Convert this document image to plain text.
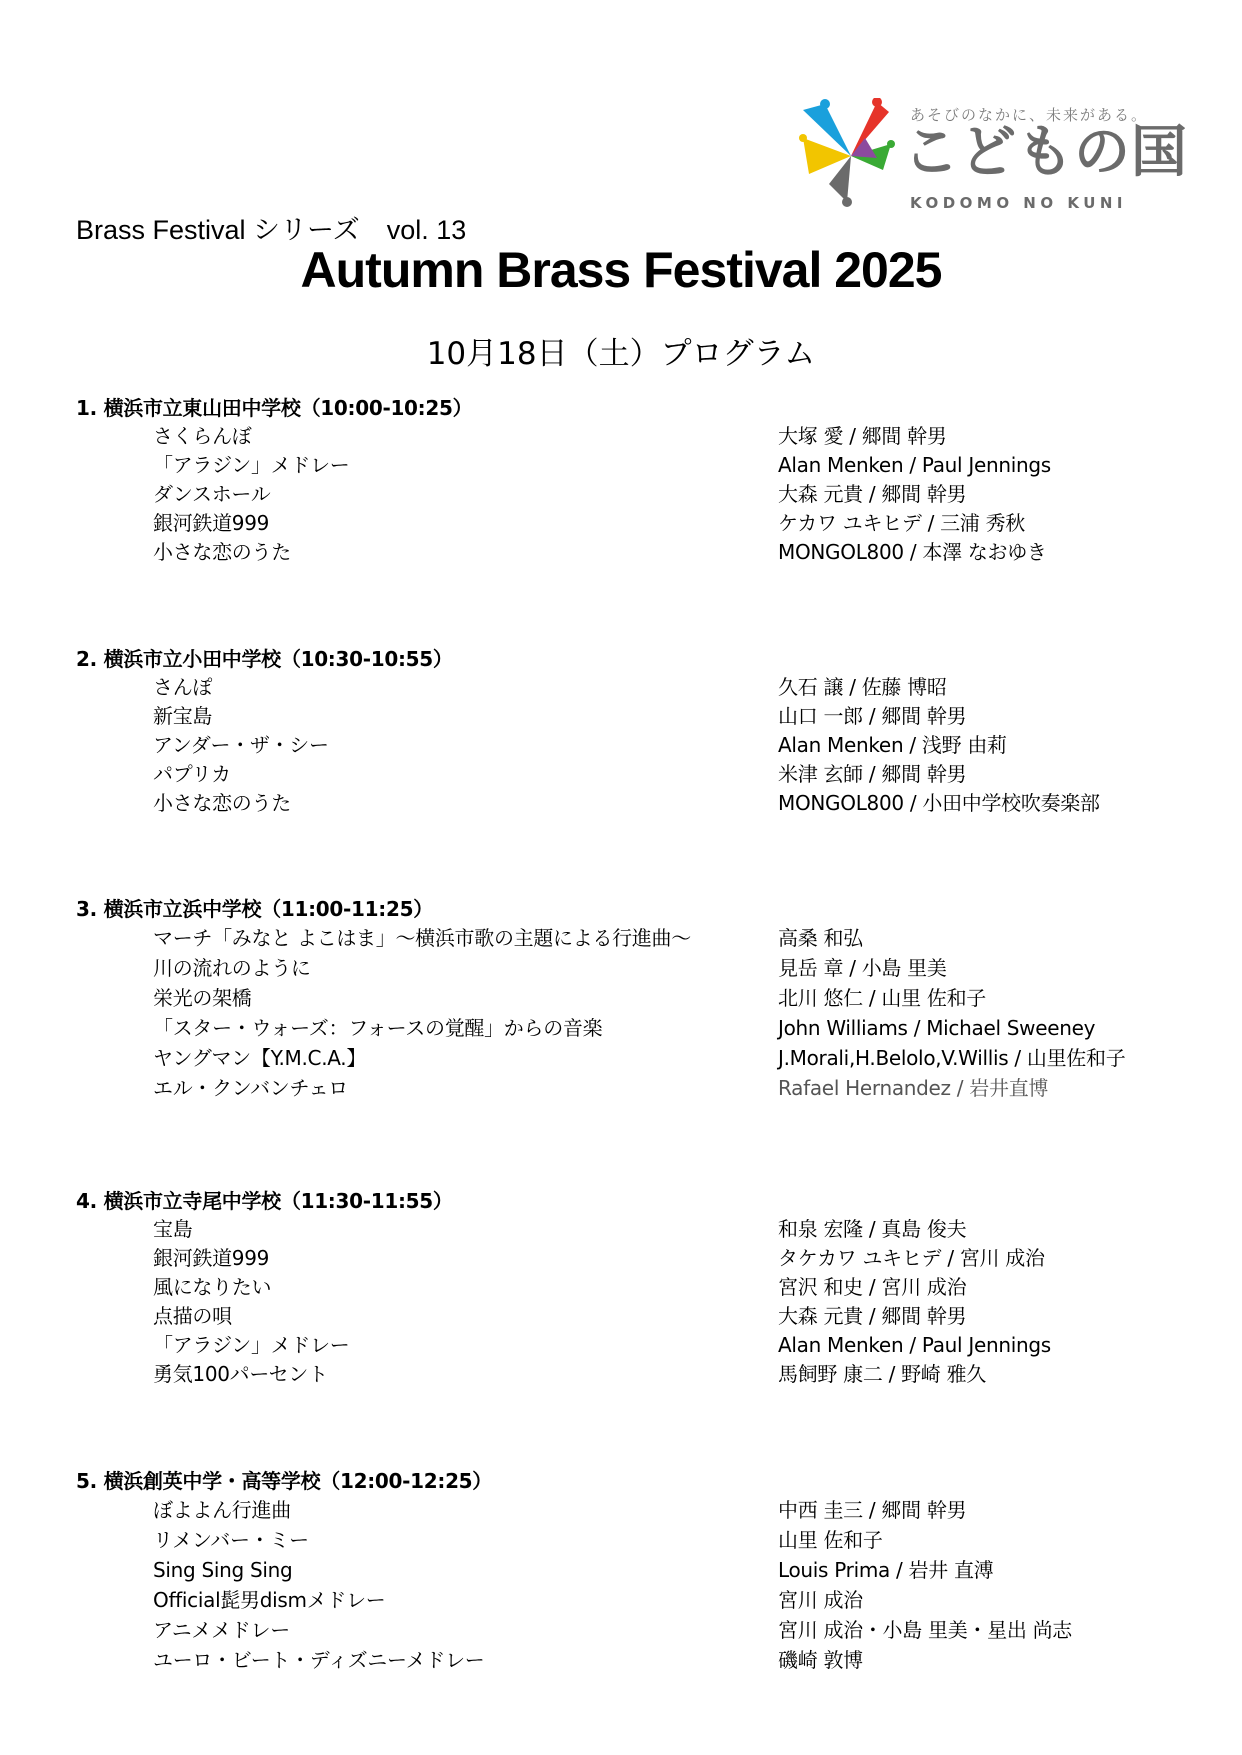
あそびのなかに、未来がある。
こどもの国
KODOMO NO KUNI
Brass Festival シリーズ　vol. 13
Autumn Brass Festival 2025
10月18日（土）プログラム
1. 横浜市立東山田中学校（10:00-10:25）
さくらんぼ	大塚 愛 / 郷間 幹男
「アラジン」メドレー	Alan Menken / Paul Jennings
ダンスホール	大森 元貴 / 郷間 幹男
銀河鉄道999	ケカワ ユキヒデ / 三浦 秀秋
小さな恋のうた	MONGOL800 / 本澤 なおゆき
2. 横浜市立小田中学校（10:30-10:55）
さんぽ	久石 譲 / 佐藤 博昭
新宝島	山口 一郎 / 郷間 幹男
アンダー・ザ・シー	Alan Menken / 浅野 由莉
パプリカ	米津 玄師 / 郷間 幹男
小さな恋のうた	MONGOL800 / 小田中学校吹奏楽部
3. 横浜市立浜中学校（11:00-11:25）
マーチ「みなと よこはま」～横浜市歌の主題による行進曲～	高桑 和弘
川の流れのように	見岳 章 / 小島 里美
栄光の架橋	北川 悠仁 / 山里 佐和子
「スター・ウォーズ：フォースの覚醒」からの音楽	John Williams / Michael Sweeney
ヤングマン【Y.M.C.A.】	J.Morali,H.Belolo,V.Willis / 山里佐和子
エル・クンバンチェロ	Rafael Hernandez / 岩井直博
4. 横浜市立寺尾中学校（11:30-11:55）
宝島	和泉 宏隆 / 真島 俊夫
銀河鉄道999	タケカワ ユキヒデ / 宮川 成治
風になりたい	宮沢 和史 / 宮川 成治
点描の唄	大森 元貴 / 郷間 幹男
「アラジン」メドレー	Alan Menken / Paul Jennings
勇気100パーセント	馬飼野 康二 / 野崎 雅久
5. 横浜創英中学・高等学校（12:00-12:25）
ぼよよん行進曲	中西 圭三 / 郷間 幹男
リメンバー・ミー	山里 佐和子
Sing Sing Sing	Louis Prima / 岩井 直溥
Official髭男dismメドレー	宮川 成治
アニメメドレー	宮川 成治・小島 里美・星出 尚志
ユーロ・ビート・ディズニーメドレー	磯崎 敦博
